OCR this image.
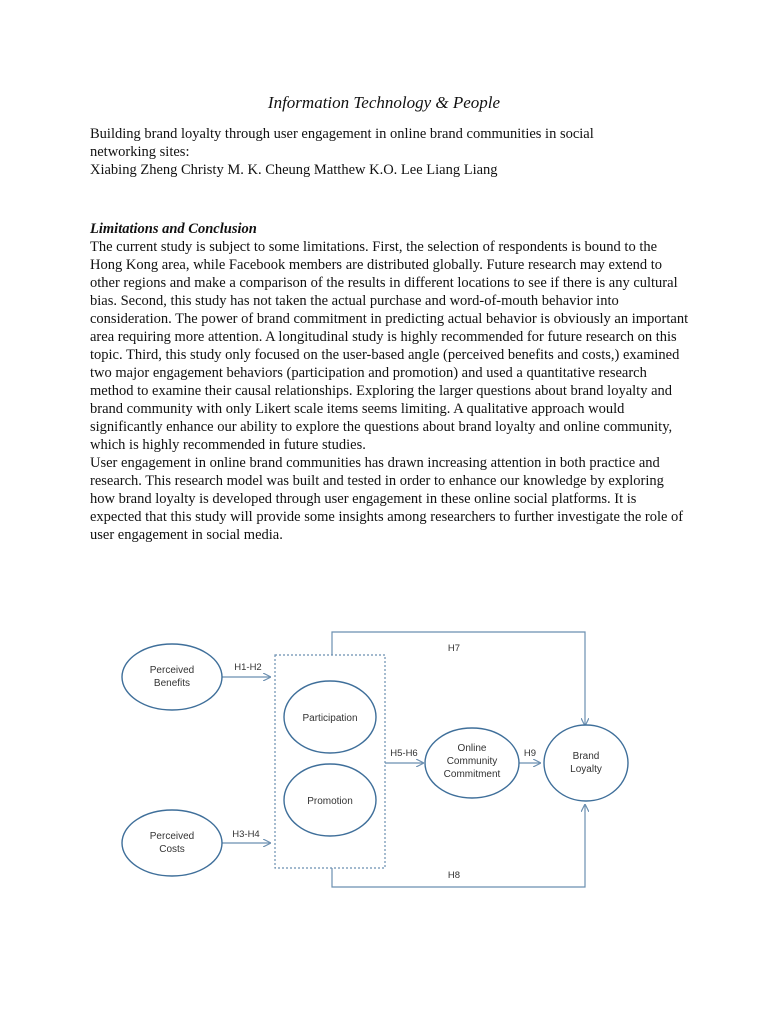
Information Technology & People
Building brand loyalty through user engagement in online brand communities in social
networking sites:
Xiabing Zheng Christy M. K. Cheung Matthew K.O. Lee Liang Liang
Limitations and Conclusion

The current study is subject to some limitations. First, the selection of respondents is bound to the Hong Kong area, while Facebook members are distributed globally. Future research may extend to other regions and make a comparison of the results in different locations to see if there is any cultural bias. Second, this study has not taken the actual purchase and word-of-mouth behavior into consideration. The power of brand commitment in predicting actual behavior is obviously an important area requiring more attention. A longitudinal study is highly recommended for future research on this topic. Third, this study only focused on the user-based angle (perceived benefits and costs,) examined two major engagement behaviors (participation and promotion) and used a quantitative research method to examine their causal relationships. Exploring the larger questions about brand loyalty and brand community with only Likert scale items seems limiting. A qualitative approach would significantly enhance our ability to explore the questions about brand loyalty and online community, which is highly recommended in future studies.

User engagement in online brand communities has drawn increasing attention in both practice and research. This research model was built and tested in order to enhance our knowledge by exploring how brand loyalty is developed through user engagement in these online social platforms. It is expected that this study will provide some insights among researchers to further investigate the role of user engagement in social media.

Perceived
Benefits
Perceived
Costs
Participation
Promotion
Online
Community
Commitment
Brand
Loyalty
H1-H2
H3-H4
H5-H6	H9
H7
H8
